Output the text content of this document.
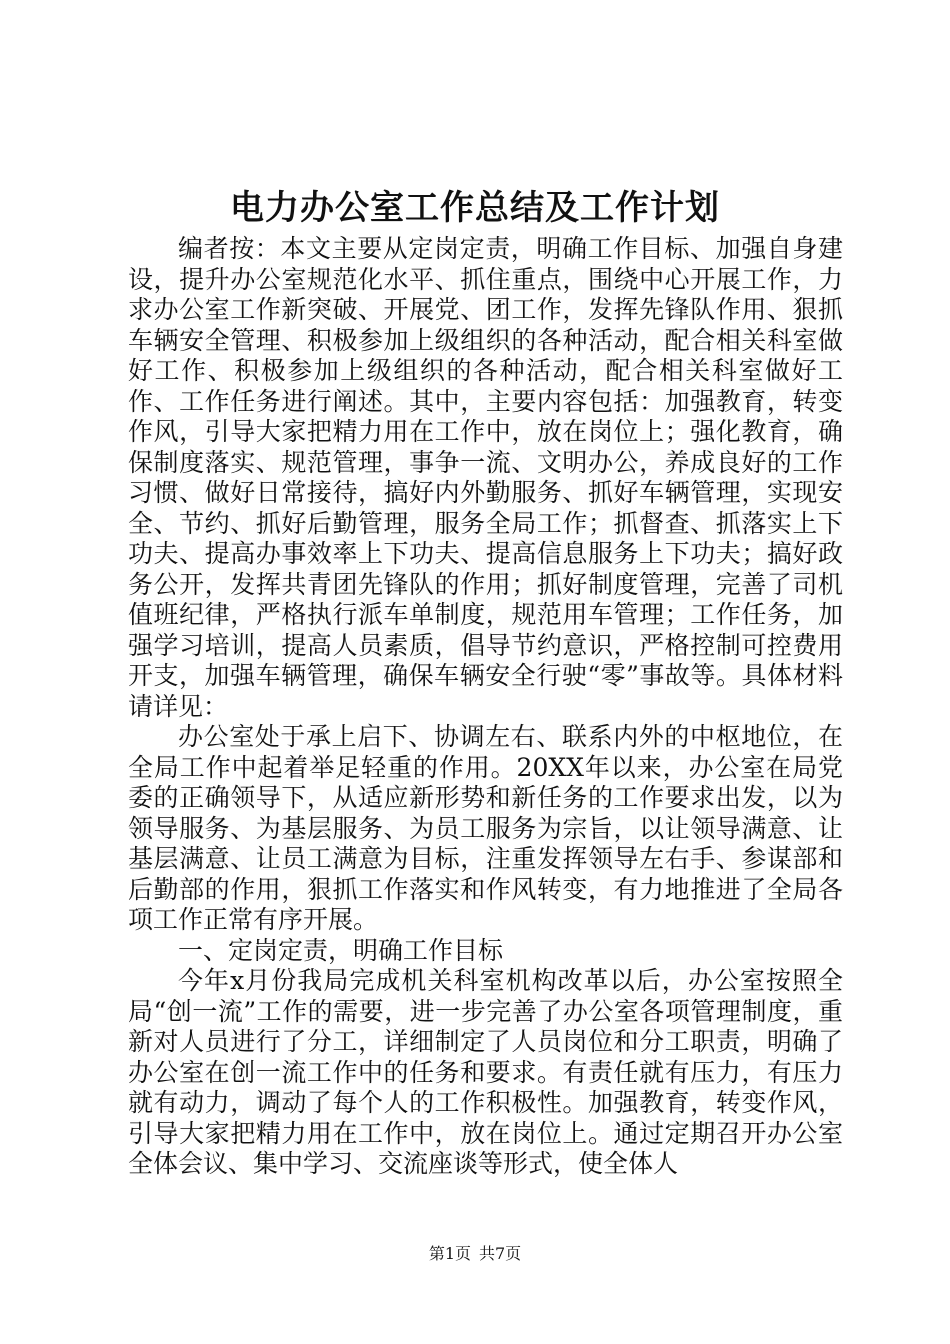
电力办公室工作总结及工作计划

编者按：本文主要从定岗定责，明确工作目标、加强自身建设，提升办公室规范化水平、抓住重点，围绕中心开展工作，力求办公室工作新突破、开展党、团工作，发挥先锋队作用、狠抓车辆安全管理、积极参加上级组织的各种活动，配合相关科室做好工作、积极参加上级组织的各种活动，配合相关科室做好工作、工作任务进行阐述。其中，主要内容包括：加强教育，转变作风，引导大家把精力用在工作中，放在岗位上；强化教育，确保制度落实、规范管理，事争一流、文明办公，养成良好的工作习惯、做好日常接待，搞好内外勤服务、抓好车辆管理，实现安全、节约、抓好后勤管理，服务全局工作；抓督查、抓落实上下功夫、提高办事效率上下功夫、提高信息服务上下功夫；搞好政务公开，发挥共青团先锋队的作用；抓好制度管理，完善了司机值班纪律，严格执行派车单制度，规范用车管理；工作任务，加强学习培训，提高人员素质，倡导节约意识，严格控制可控费用开支，加强车辆管理，确保车辆安全行驶“零”事故等。具体材料请详见：

办公室处于承上启下、协调左右、联系内外的中枢地位，在全局工作中起着举足轻重的作用。20XX年以来，办公室在局党委的正确领导下，从适应新形势和新任务的工作要求出发，以为领导服务、为基层服务、为员工服务为宗旨，以让领导满意、让基层满意、让员工满意为目标，注重发挥领导左右手、参谋部和后勤部的作用，狠抓工作落实和作风转变，有力地推进了全局各项工作正常有序开展。

一、定岗定责，明确工作目标

今年x月份我局完成机关科室机构改革以后，办公室按照全局“创一流”工作的需要，进一步完善了办公室各项管理制度，重新对人员进行了分工，详细制定了人员岗位和分工职责，明确了办公室在创一流工作中的任务和要求。有责任就有压力，有压力就有动力，调动了每个人的工作积极性。加强教育，转变作风，引导大家把精力用在工作中，放在岗位上。通过定期召开办公室全体会议、集中学习、交流座谈等形式，使全体人

第1页 共7页
